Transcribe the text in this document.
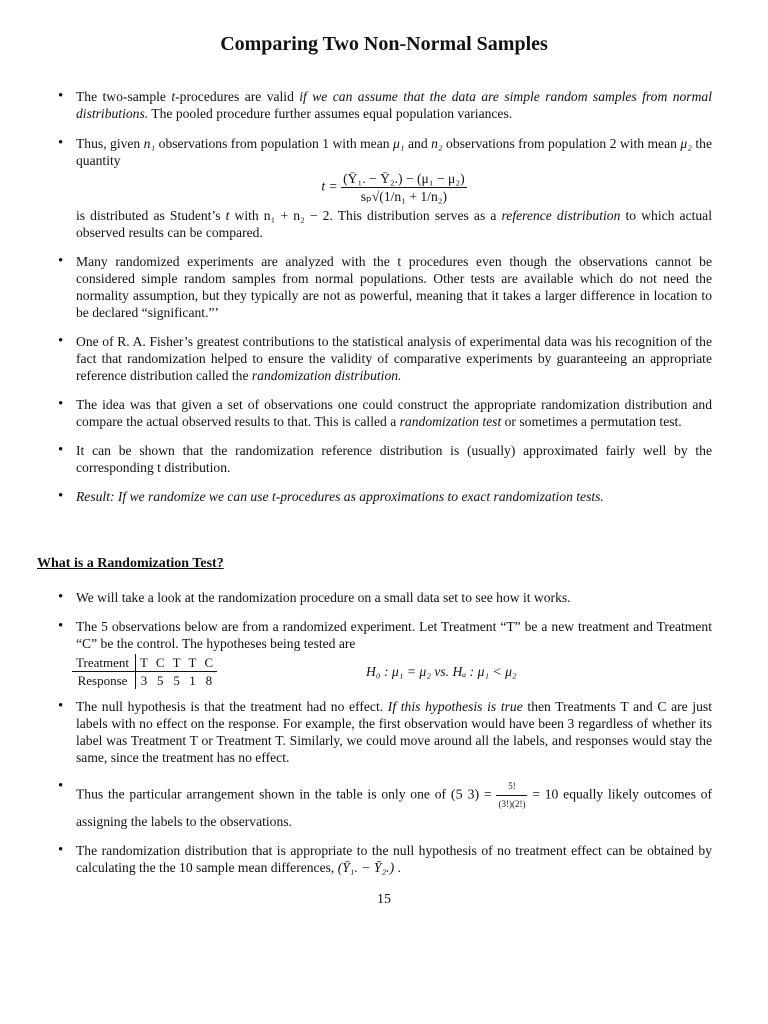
Comparing Two Non-Normal Samples
• The two-sample t-procedures are valid if we can assume that the data are simple random samples from normal distributions. The pooled procedure further assumes equal population variances.
• Thus, given n₁ observations from population 1 with mean μ₁ and n₂ observations from population 2 with mean μ₂ the quantity
$t = \frac{\text{(Ȳ₁. − Ȳ₂.) − (μ₁ − μ₂)}}{\text{sₚ√(1/n₁ + 1/n₂)}}$
is distributed as Student’s t with n₁ + n₂ − 2. This distribution serves as a reference distribution to which actual observed results can be compared.
• Many randomized experiments are analyzed with the t procedures even though the observations cannot be considered simple random samples from normal populations. Other tests are available which do not need the normality assumption, but they typically are not as powerful, meaning that it takes a larger difference in location to be declared “significant.”’
• One of R. A. Fisher’s greatest contributions to the statistical analysis of experimental data was his recognition of the fact that randomization helped to ensure the validity of comparative experiments by guaranteeing an appropriate reference distribution called the randomization distribution.
• The idea was that given a set of observations one could construct the appropriate randomization distribution and compare the actual observed results to that. This is called a randomization test or sometimes a permutation test.
• It can be shown that the randomization reference distribution is (usually) approximated fairly well by the corresponding t distribution.
• Result: If we randomize we can use t-procedures as approximations to exact randomization tests.

What is a Randomization Test?

• We will take a look at the randomization procedure on a small data set to see how it works.
• The 5 observations below are from a randomized experiment. Let Treatment “T” be a new treatment and Treatment “C” be the control. The hypotheses being tested are
Treatment	T	C	T	T	C
Response	3	5	5	1	8
H₀ : μ₁ = μ₂ vs. Hₐ : μ₁ < μ₂
• The null hypothesis is that the treatment had no effect. If this hypothesis is true then Treatments T and C are just labels with no effect on the response. For example, the first observation would have been 3 regardless of whether its label was Treatment T or Treatment T. Similarly, we could move around all the labels, and responses would stay the same, since the treatment has no effect.
• Thus the particular arrangement shown in the table is only one of (5 $3) = \frac{5!}{(3!)(2!)} = 10$ equally likely outcomes of assigning the labels to the observations.
• The randomization distribution that is appropriate to the null hypothesis of no treatment effect can be obtained by calculating the the 10 sample mean differences, (Ȳ₁. − Ȳ₂.) .
15
